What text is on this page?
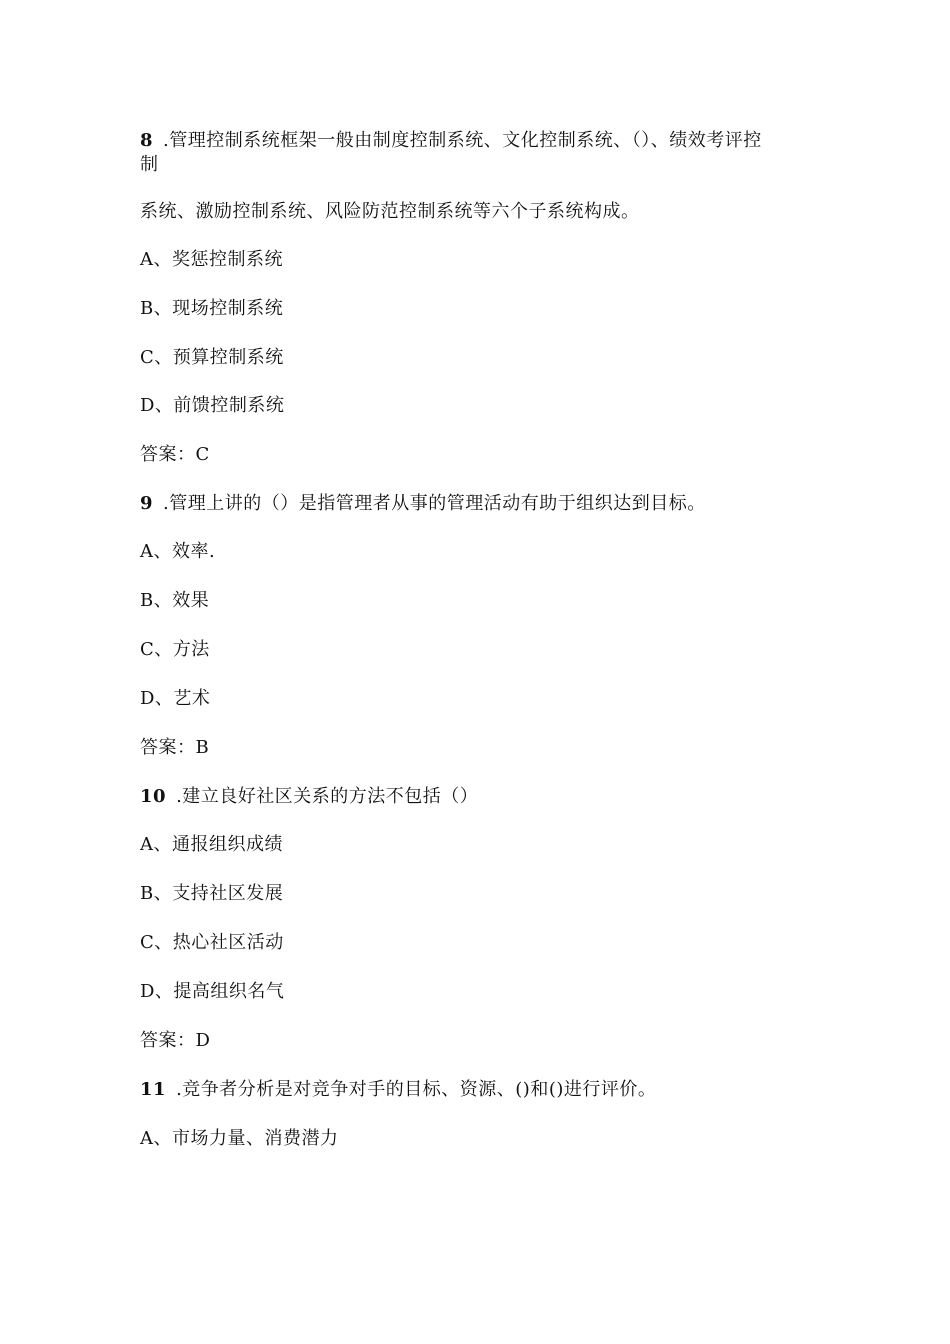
8 .管理控制系统框架一般由制度控制系统、文化控制系统、（）、绩效考评控
制
系统、激励控制系统、风险防范控制系统等六个子系统构成。
A、奖惩控制系统
B、现场控制系统
C、预算控制系统
D、前馈控制系统
答案：C
9 .管理上讲的（）是指管理者从事的管理活动有助于组织达到目标。
A、效率.
B、效果
C、方法
D、艺术
答案：B
10 .建立良好社区关系的方法不包括（）
A、通报组织成绩
B、支持社区发展
C、热心社区活动
D、提高组织名气
答案：D
11 .竞争者分析是对竞争对手的目标、资源、()和()进行评价。
A、市场力量、消费潜力
